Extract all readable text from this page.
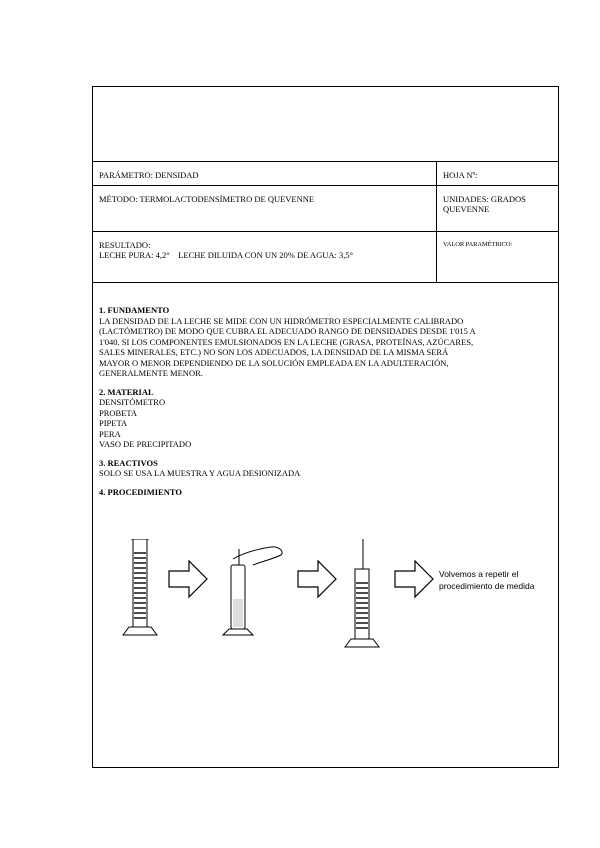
PARÁMETRO: DENSIDAD	HOJA Nº:
MÉTODO: TERMOLACTODENSÍMETRO DE QUEVENNE	UNIDADES: GRADOS
QUEVENNE
RESULTADO:
LECHE PURA: 4,2°    LECHE DILUIDA CON UN 20% DE AGUA: 3,5°
VALOR PARAMÉTRICO:

1. FUNDAMENTO

LA DENSIDAD DE LA LECHE SE MIDE CON UN HIDRÓMETRO ESPECIALMENTE CALIBRADO

(LACTÓMETRO) DE MODO QUE CUBRA EL ADECUADO RANGO DE DENSIDADES DESDE 1'015 A

1'040. SI LOS COMPONENTES EMULSIONADOS EN LA LECHE (GRASA, PROTEÍNAS, AZÚCARES,

SALES MINERALES, ETC.) NO SON LOS ADECUADOS, LA DENSIDAD DE LA MISMA SERÁ

MAYOR O MENOR DEPENDIENDO DE LA SOLUCIÓN EMPLEADA EN LA ADULTERACIÓN,

GENERALMENTE MENOR.

2. MATERIAL

DENSITÓMETRO

PROBETA

PIPETA

PERA

VASO DE PRECIPITADO

3. REACTIVOS

SOLO SE USA LA MUESTRA Y AGUA DESIONIZADA

4. PROCEDIMIENTO

Volvemos a repetir el
procedimiento de medida
